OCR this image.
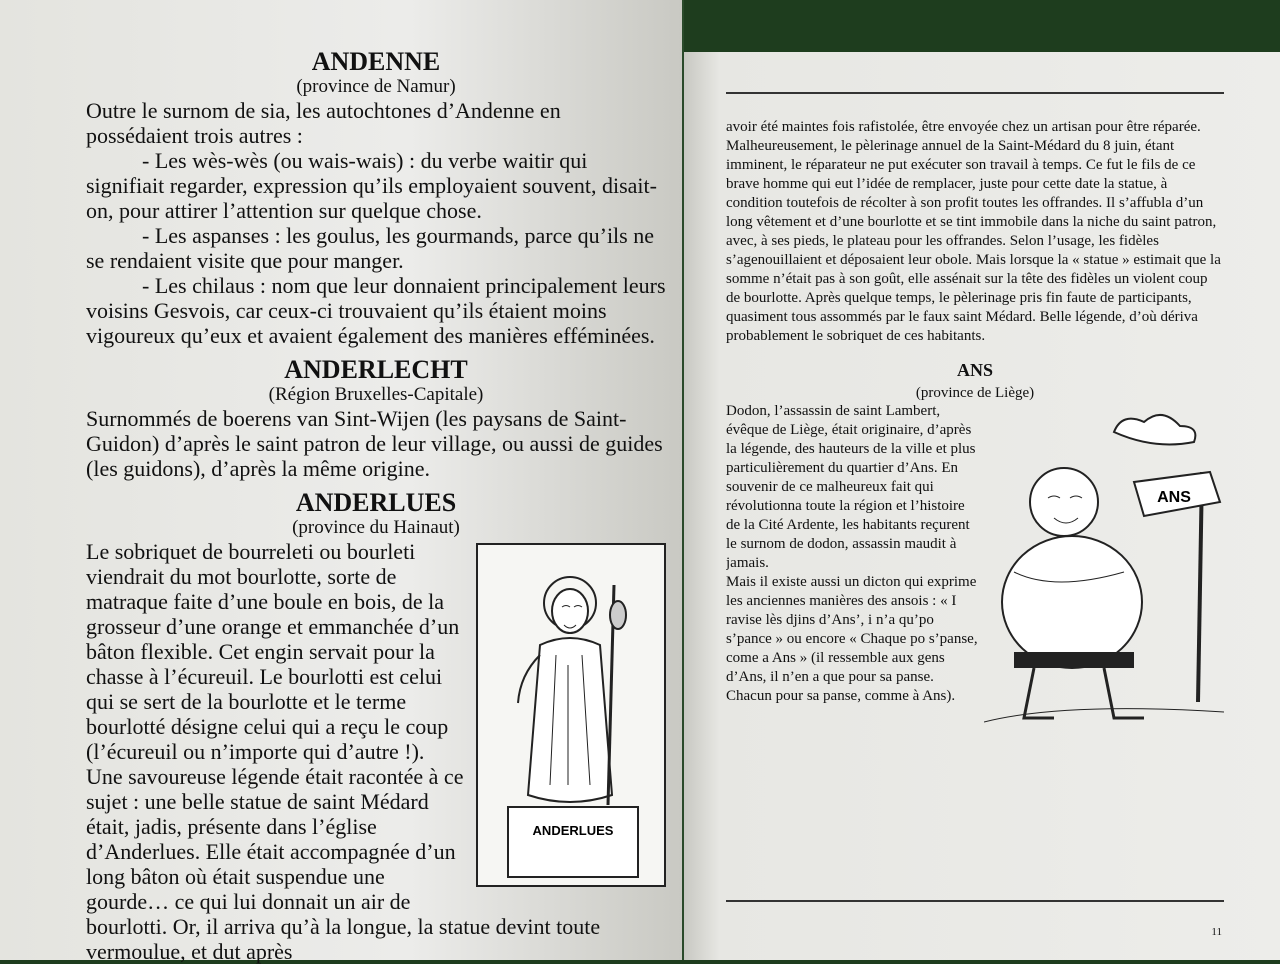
ANDENNE
(province de Namur)

Outre le surnom de sia, les autochtones d’Andenne en possédaient trois autres :

- Les wès-wès (ou wais-wais) : du verbe waitir qui signifiait regarder, expression qu’ils employaient souvent, disait-on, pour attirer l’attention sur quelque chose.

- Les aspanses : les goulus, les gourmands, parce qu’ils ne se rendaient visite que pour manger.

- Les chilaus : nom que leur donnaient principalement leurs voisins Gesvois, car ceux-ci trouvaient qu’ils étaient moins vigoureux qu’eux et avaient également des manières efféminées.

ANDERLECHT
(Région Bruxelles-Capitale)

Surnommés de boerens van Sint-Wijen (les paysans de Saint-Guidon) d’après le saint patron de leur village, ou aussi de guides (les guidons), d’après la même origine.

ANDERLUES
(province du Hainaut)
ANDERLUES

Le sobriquet de bourreleti ou bourleti viendrait du mot bourlotte, sorte de matraque faite d’une boule en bois, de la grosseur d’une orange et emmanchée d’un bâton flexible. Cet engin servait pour la chasse à l’écureuil. Le bourlotti est celui qui se sert de la bourlotte et le terme bourlotté désigne celui qui a reçu le coup (l’écureuil ou n’importe qui d’autre !).

Une savoureuse légende était racontée à ce sujet : une belle statue de saint Médard était, jadis, présente dans l’église d’Anderlues. Elle était accompagnée d’un long bâton où était suspendue une gourde… ce qui lui donnait un air de bourlotti. Or, il arriva qu’à la longue, la statue devint toute vermoulue, et dut après

avoir été maintes fois rafistolée, être envoyée chez un artisan pour être réparée. Malheureusement, le pèlerinage annuel de la Saint-Médard du 8 juin, étant imminent, le réparateur ne put exécuter son travail à temps. Ce fut le fils de ce brave homme qui eut l’idée de remplacer, juste pour cette date la statue, à condition toutefois de récolter à son profit toutes les offrandes. Il s’affubla d’un long vêtement et d’une bourlotte et se tint immobile dans la niche du saint patron, avec, à ses pieds, le plateau pour les offrandes. Selon l’usage, les fidèles s’agenouillaient et déposaient leur obole. Mais lorsque la « statue » estimait que la somme n’était pas à son goût, elle assénait sur la tête des fidèles un violent coup de bourlotte. Après quelque temps, le pèlerinage pris fin faute de participants, quasiment tous assommés par le faux saint Médard. Belle légende, d’où dériva probablement le sobriquet de ces habitants.

ANS
(province de Liège)
ANS

Dodon, l’assassin de saint Lambert, évêque de Liège, était originaire, d’après la légende, des hauteurs de la ville et plus particulièrement du quartier d’Ans. En souvenir de ce malheureux fait qui révolutionna toute la région et l’histoire de la Cité Ardente, les habitants reçurent le surnom de dodon, assassin maudit à jamais.

Mais il existe aussi un dicton qui exprime les anciennes manières des ansois : « I ravise lès djins d’Ans’, i n’a qu’po s’pance » ou encore « Chaque po s’panse, come a Ans » (il ressemble aux gens d’Ans, il n’en a que pour sa panse. Chacun pour sa panse, comme à Ans).

11
